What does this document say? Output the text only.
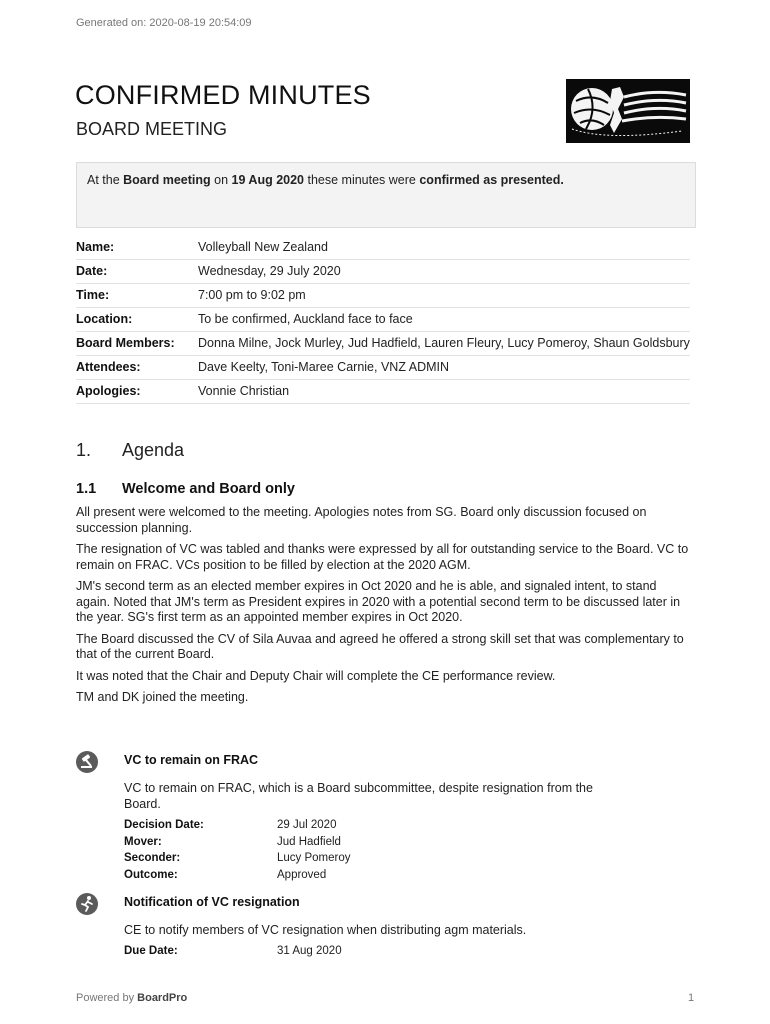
Generated on: 2020-08-19 20:54:09
CONFIRMED MINUTES
BOARD MEETING
At the Board meeting on 19 Aug 2020 these minutes were confirmed as presented.
Name:	Volleyball New Zealand
Date:	Wednesday, 29 July 2020
Time:	7:00 pm to 9:02 pm
Location:	To be confirmed, Auckland face to face
Board Members:	Donna Milne, Jock Murley, Jud Hadfield, Lauren Fleury, Lucy Pomeroy, Shaun Goldsbury
Attendees:	Dave Keelty, Toni-Maree Carnie, VNZ ADMIN
Apologies:	Vonnie Christian
1. Agenda
1.1 Welcome and Board only

All present were welcomed to the meeting. Apologies notes from SG. Board only discussion focused on succession planning.

The resignation of VC was tabled and thanks were expressed by all for outstanding service to the Board. VC to remain on FRAC. VCs position to be filled by election at the 2020 AGM.

JM's second term as an elected member expires in Oct 2020 and he is able, and signaled intent, to stand again. Noted that JM's term as President expires in 2020 with a potential second term to be discussed later in the year. SG's first term as an appointed member expires in Oct 2020.

The Board discussed the CV of Sila Auvaa and agreed he offered a strong skill set that was complementary to that of the current Board.

It was noted that the Chair and Deputy Chair will complete the CE performance review.

TM and DK joined the meeting.

VC to remain on FRAC
VC to remain on FRAC, which is a Board subcommittee, despite resignation from the Board.
Decision Date:	29 Jul 2020
Mover:	Jud Hadfield
Seconder:	Lucy Pomeroy
Outcome:	Approved
Notification of VC resignation
CE to notify members of VC resignation when distributing agm materials.
Due Date:	31 Aug 2020
Powered by BoardPro	1
